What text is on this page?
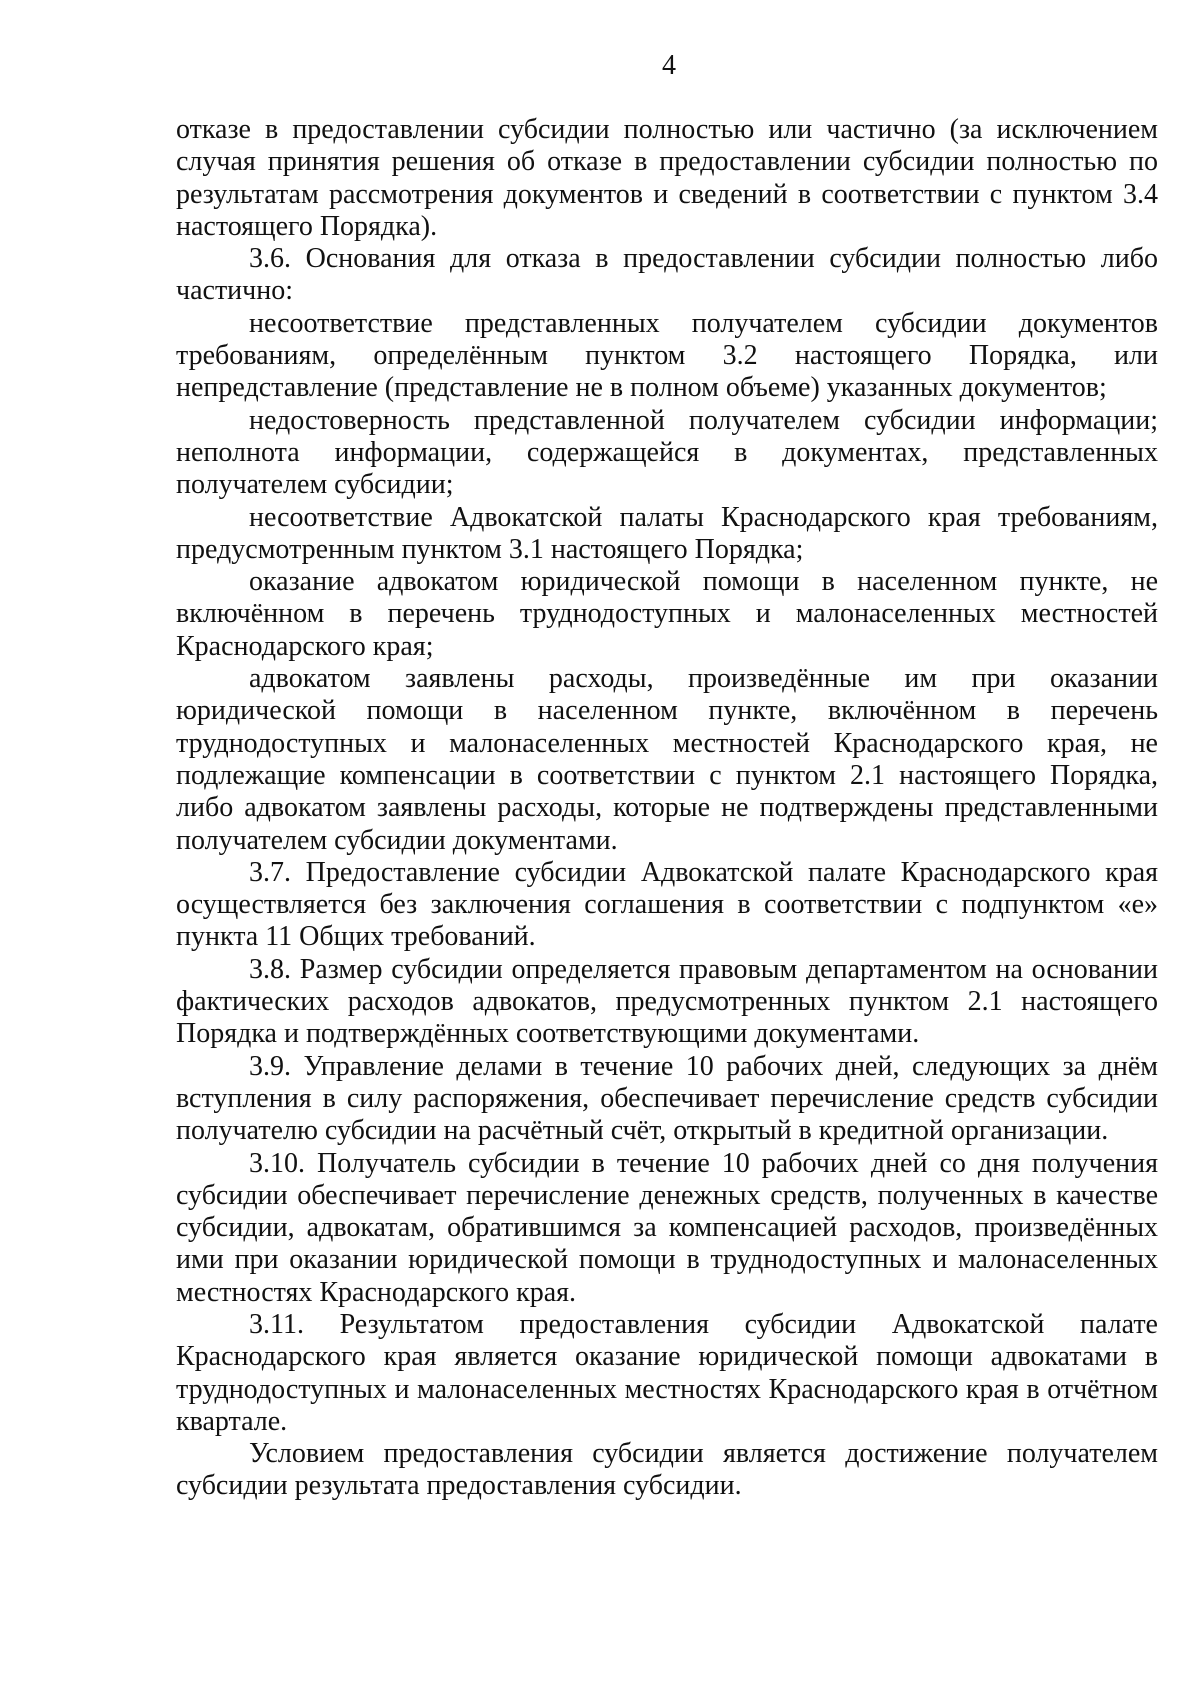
4

отказе в предоставлении субсидии полностью или частично (за исключением случая принятия решения об отказе в предоставлении субсидии полностью по результатам рассмотрения документов и сведений в соответствии с пунктом 3.4 настоящего Порядка).

3.6. Основания для отказа в предоставлении субсидии полностью либо частично:

несоответствие представленных получателем субсидии документов требованиям, определённым пунктом 3.2 настоящего Порядка, или непредставление (представление не в полном объеме) указанных документов;

недостоверность представленной получателем субсидии информации; неполнота информации, содержащейся в документах, представленных получателем субсидии;

несоответствие Адвокатской палаты Краснодарского края требованиям, предусмотренным пунктом 3.1 настоящего Порядка;

оказание адвокатом юридической помощи в населенном пункте, не включённом в перечень труднодоступных и малонаселенных местностей Краснодарского края;

адвокатом заявлены расходы, произведённые им при оказании юридической помощи в населенном пункте, включённом в перечень труднодоступных и малонаселенных местностей Краснодарского края, не подлежащие компенсации в соответствии с пунктом 2.1 настоящего Порядка, либо адвокатом заявлены расходы, которые не подтверждены представленными получателем субсидии документами.

3.7. Предоставление субсидии Адвокатской палате Краснодарского края осуществляется без заключения соглашения в соответствии с подпунктом «е» пункта 11 Общих требований.

3.8. Размер субсидии определяется правовым департаментом на основании фактических расходов адвокатов, предусмотренных пунктом 2.1 настоящего Порядка и подтверждённых соответствующими документами.

3.9. Управление делами в течение 10 рабочих дней, следующих за днём вступления в силу распоряжения, обеспечивает перечисление средств субсидии получателю субсидии на расчётный счёт, открытый в кредитной организации.

3.10. Получатель субсидии в течение 10 рабочих дней со дня получения субсидии обеспечивает перечисление денежных средств, полученных в качестве субсидии, адвокатам, обратившимся за компенсацией расходов, произведённых ими при оказании юридической помощи в труднодоступных и малонаселенных местностях Краснодарского края.

3.11. Результатом предоставления субсидии Адвокатской палате Краснодарского края является оказание юридической помощи адвокатами в труднодоступных и малонаселенных местностях Краснодарского края в отчётном квартале.

Условием предоставления субсидии является достижение получателем субсидии результата предоставления субсидии.
